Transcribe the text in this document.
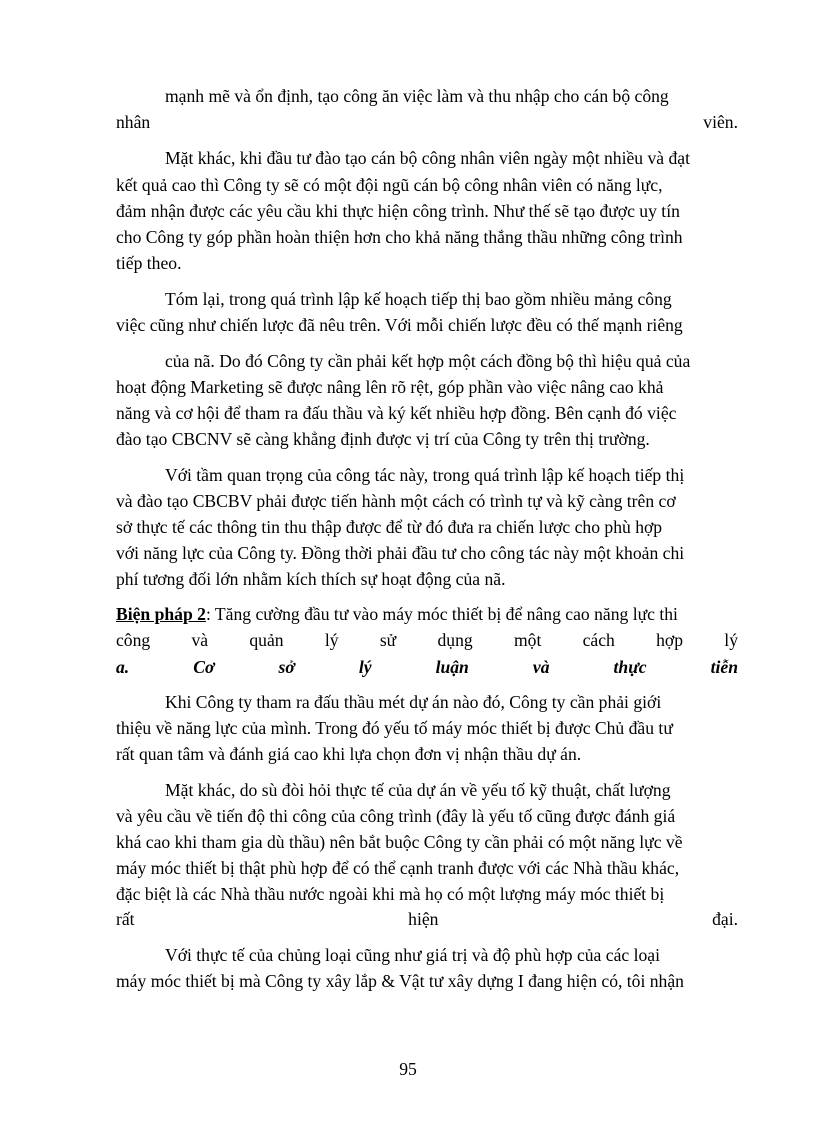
mạnh mẽ và ổn định, tạo công ăn việc làm và thu nhập cho cán bộ công
nhân viên.
Mặt khác, khi đầu tư đào tạo cán bộ công nhân viên ngày một nhiều và đạt
kết quả cao thì Công ty sẽ có một đội ngũ cán bộ công nhân viên có năng lực,
đảm nhận được các yêu cầu khi thực hiện công trình. Như thế sẽ tạo được uy tín
cho Công ty góp phần hoàn thiện hơn cho khả năng thắng thầu những công trình
tiếp theo.
Tóm lại, trong quá trình lập kế hoạch tiếp thị bao gồm nhiều mảng công
việc cũng như chiến lược đã nêu trên. Với mỗi chiến lược đều có thế mạnh riêng
của nã. Do đó Công ty cần phải kết hợp một cách đồng bộ thì hiệu quả của
hoạt động Marketing sẽ được nâng lên rõ rệt, góp phần vào việc nâng cao khả
năng và cơ hội để tham ra đấu thầu và ký kết nhiều hợp đồng. Bên cạnh đó việc
đào tạo CBCNV sẽ càng khẳng định được vị trí của Công ty trên thị trường.
Với tầm quan trọng của công tác này, trong quá trình lập kế hoạch tiếp thị
và đào tạo CBCBV phải được tiến hành một cách có trình tự và kỹ càng trên cơ
sở thực tế các thông tin thu thập được để từ đó đưa ra chiến lược cho phù hợp
với năng lực của Công ty. Đồng thời phải đầu tư cho công tác này một khoản chi
phí tương đối lớn nhằm kích thích sự hoạt động của nã.
Biện pháp 2: Tăng cường đầu tư vào máy móc thiết bị để nâng cao năng lực thi
công và quản lý sử dụng một cách hợp lý
a. Cơ sở lý luận và thực tiễn
Khi Công ty tham ra đấu thầu mét dự án nào đó, Công ty cần phải giới
thiệu về năng lực của mình. Trong đó yếu tố máy móc thiết bị được Chủ đầu tư
rất quan tâm và đánh giá cao khi lựa chọn đơn vị nhận thầu dự án.
Mặt khác, do sù đòi hỏi thực tế của dự án về yếu tố kỹ thuật, chất lượng
và yêu cầu về tiến độ thi công của công trình (đây là yếu tố cũng được đánh giá
khá cao khi tham gia dù thầu) nên bắt buộc Công ty cần phải có một năng lực về
máy móc thiết bị thật phù hợp để có thể cạnh tranh được với các Nhà thầu khác,
đặc biệt là các Nhà thầu nước ngoài khi mà họ có một lượng máy móc thiết bị
rất hiện đại.
Với thực tế của chủng loại cũng như giá trị và độ phù hợp của các loại
máy móc thiết bị mà Công ty xây lắp & Vật tư xây dựng I đang hiện có, tôi nhận
95
